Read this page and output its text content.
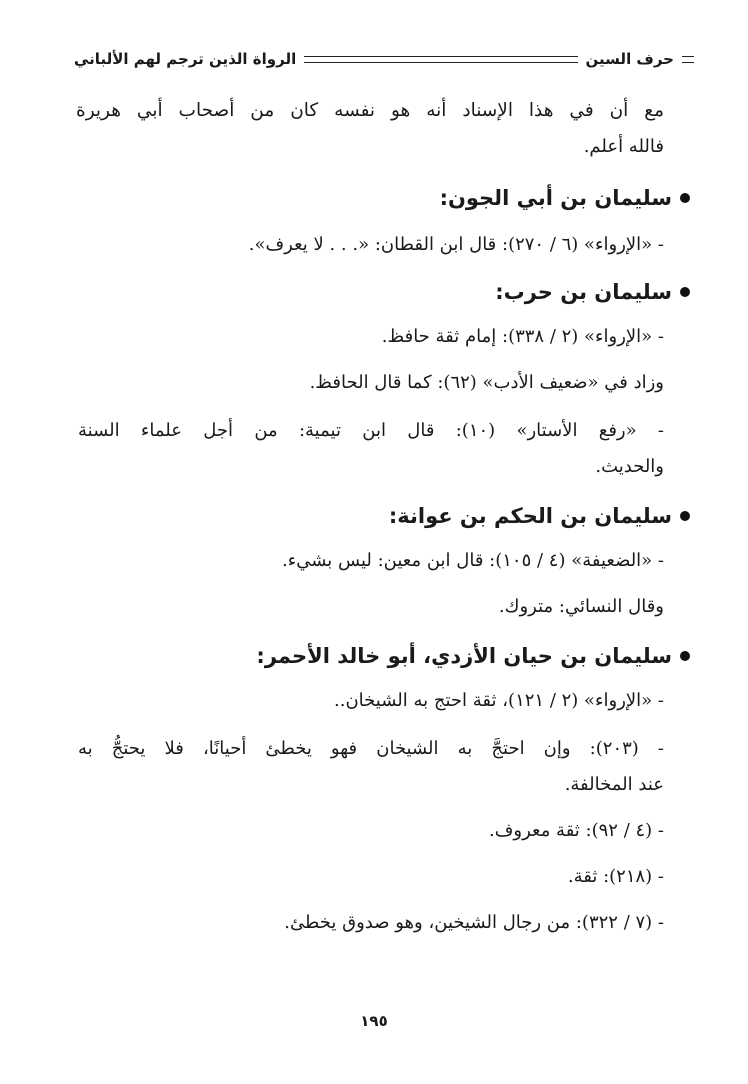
حرف السين
الرواة الذين ترجم لهم الألباني
مع أن في هذا الإسناد أنه هو نفسه كان من أصحاب أبي هريرة
فالله أعلم.
سليمان بن أبي الجون:
- «الإرواء» (٦ / ٢٧٠): قال ابن القطان: «. . . لا يعرف».
سليمان بن حرب:
- «الإرواء» (٢ / ٣٣٨): إمام ثقة حافظ.
وزاد في «ضعيف الأدب» (٦٢): كما قال الحافظ.
- «رفع الأستار» (١٠): قال ابن تيمية: من أجل علماء السنة
والحديث.
سليمان بن الحكم بن عوانة:
- «الضعيفة» (٤ / ١٠٥): قال ابن معين: ليس بشيء.
وقال النسائي: متروك.
سليمان بن حيان الأزدي، أبو خالد الأحمر:
- «الإرواء» (٢ / ١٢١)، ثقة احتج به الشيخان..
- (٢٠٣): وإن احتجَّ به الشيخان فهو يخطئ أحيانًا، فلا يحتجُّ به
عند المخالفة.
- (٤ / ٩٢): ثقة معروف.
- (٢١٨): ثقة.
- (٧ / ٣٢٢): من رجال الشيخين، وهو صدوق يخطئ.
١٩٥
